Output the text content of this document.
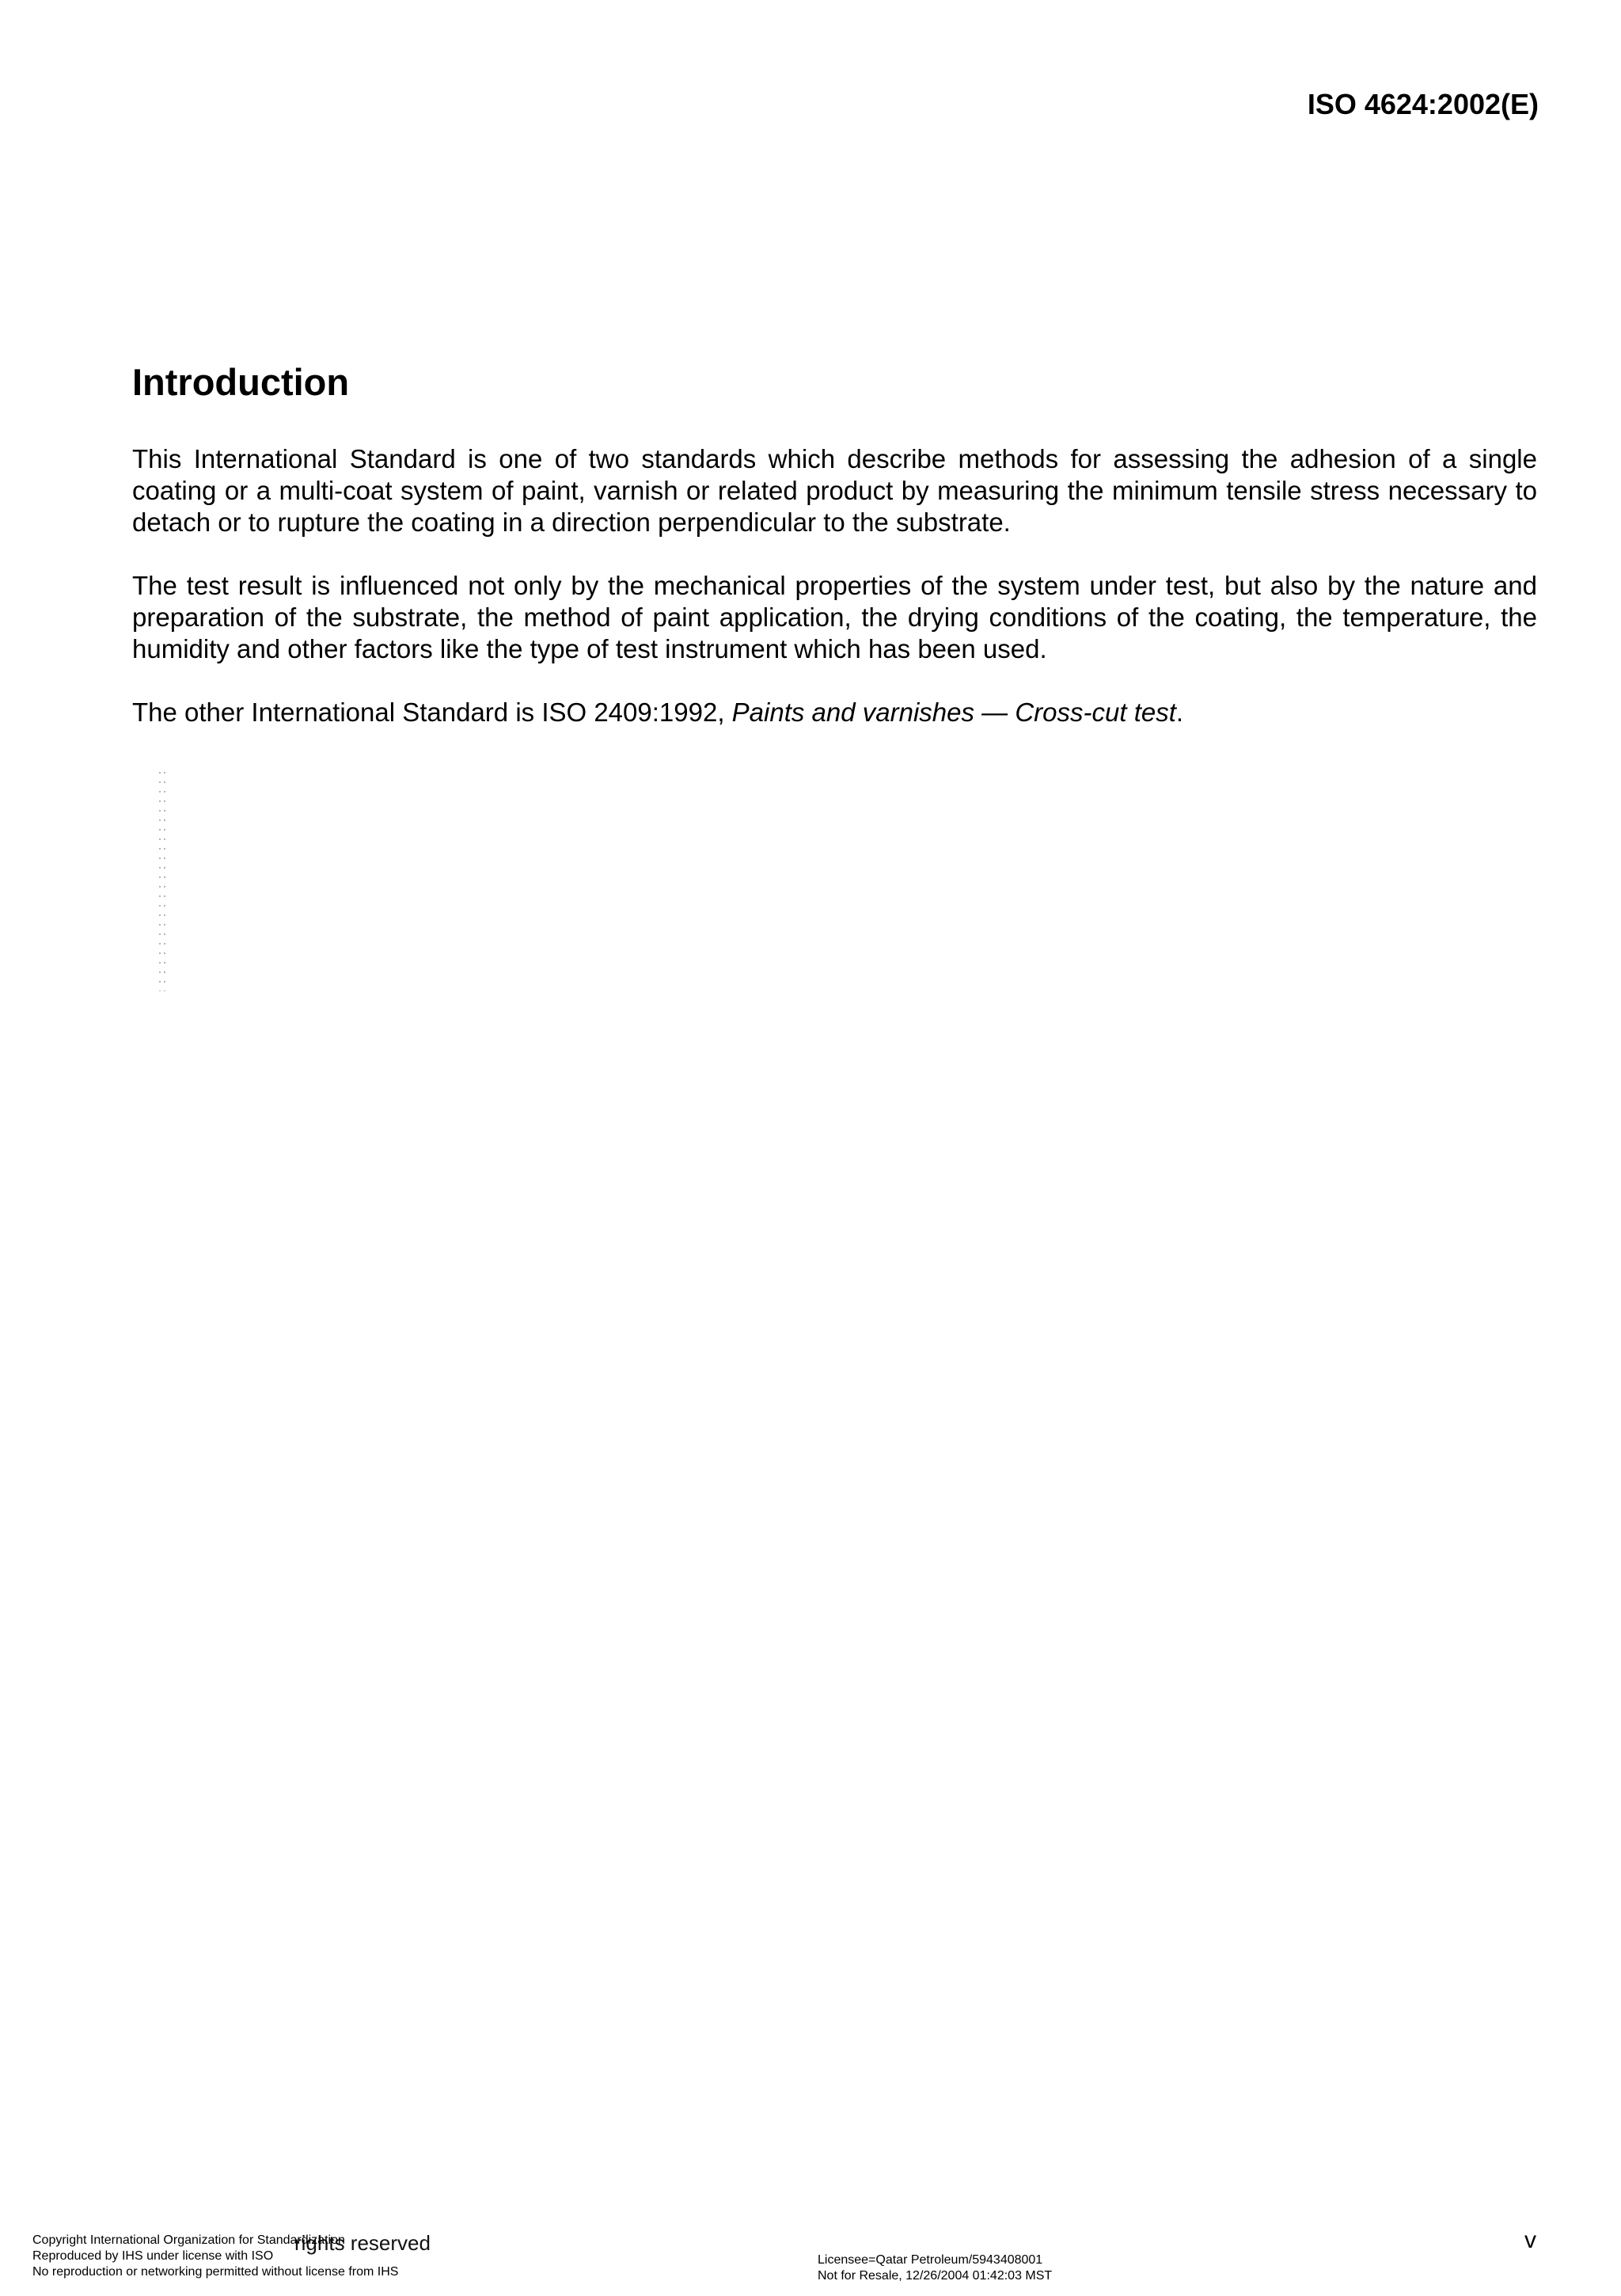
ISO 4624:2002(E)
Introduction

This International Standard is one of two standards which describe methods for assessing the adhesion of a single coating or a multi-coat system of paint, varnish or related product by measuring the minimum tensile stress necessary to detach or to rupture the coating in a direction perpendicular to the substrate.

The test result is influenced not only by the mechanical properties of the system under test, but also by the nature and preparation of the substrate, the method of paint application, the drying conditions of the coating, the temperature, the humidity and other factors like the type of test instrument which has been used.

The other International Standard is ISO 2409:1992, Paints and varnishes — Cross-cut test.

rights reserved
Copyright International Organization for Standardization
Reproduced by IHS under license with ISO
No reproduction or networking permitted without license from IHS
Licensee=Qatar Petroleum/5943408001
Not for Resale, 12/26/2004 01:42:03 MST
v
